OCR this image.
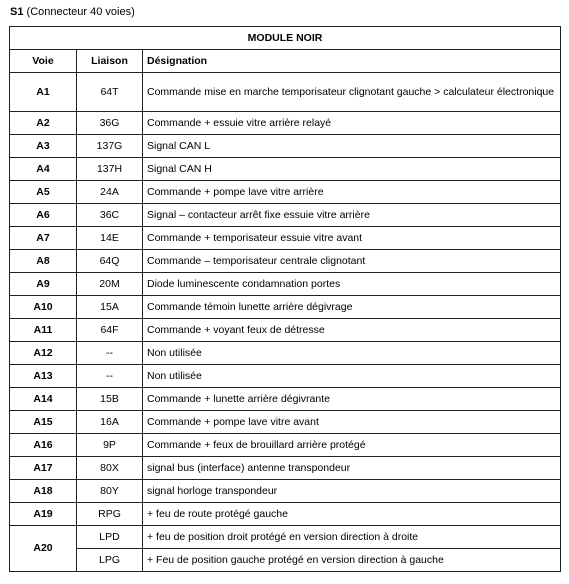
S1 (Connecteur 40 voies)
MODULE NOIR		
Voie	Liaison	Désignation
A1	64T	Commande mise en marche temporisateur clignotant gauche > calculateur électronique
A2	36G	Commande + essuie vitre arrière relayé
A3	137G	Signal CAN L
A4	137H	Signal CAN H
A5	24A	Commande + pompe lave vitre arrière
A6	36C	Signal – contacteur arrêt fixe essuie vitre arrière
A7	14E	Commande + temporisateur essuie vitre avant
A8	64Q	Commande – temporisateur centrale clignotant
A9	20M	Diode luminescente condamnation portes
A10	15A	Commande témoin lunette arrière dégivrage
A11	64F	Commande + voyant feux de détresse
A12	--	Non utilisée
A13	--	Non utilisée
A14	15B	Commande + lunette arrière dégivrante
A15	16A	Commande + pompe lave vitre avant
A16	9P	Commande + feux de brouillard arrière protégé
A17	80X	signal bus (interface) antenne transpondeur
A18	80Y	signal horloge transpondeur
A19	RPG	+ feu de route protégé gauche
A20	LPD	+ feu de position droit protégé en version direction à droite
	LPG	+ Feu de position gauche protégé en version direction à gauche
